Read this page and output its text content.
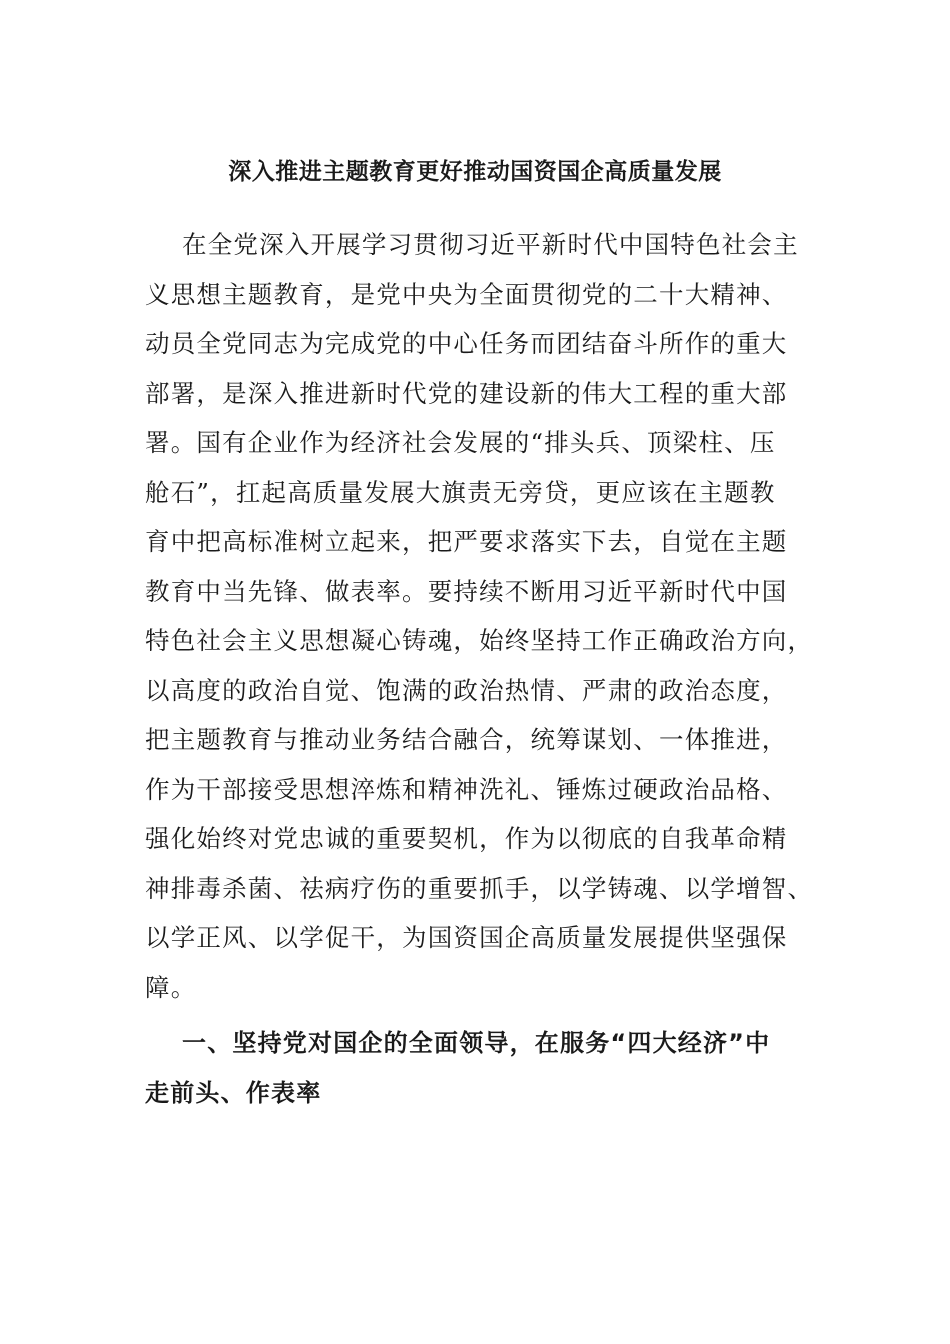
深入推进主题教育更好推动国资国企高质量发展
在全党深入开展学习贯彻习近平新时代中国特色社会主
义思想主题教育，是党中央为全面贯彻党的二十大精神、
动员全党同志为完成党的中心任务而团结奋斗所作的重大
部署，是深入推进新时代党的建设新的伟大工程的重大部
署。国有企业作为经济社会发展的“排头兵、顶梁柱、压
舱石”，扛起高质量发展大旗责无旁贷，更应该在主题教
育中把高标准树立起来，把严要求落实下去，自觉在主题
教育中当先锋、做表率。要持续不断用习近平新时代中国
特色社会主义思想凝心铸魂，始终坚持工作正确政治方向，
以高度的政治自觉、饱满的政治热情、严肃的政治态度，
把主题教育与推动业务结合融合，统筹谋划、一体推进，
作为干部接受思想淬炼和精神洗礼、锤炼过硬政治品格、
强化始终对党忠诚的重要契机，作为以彻底的自我革命精
神排毒杀菌、祛病疗伤的重要抓手，以学铸魂、以学增智、
以学正风、以学促干，为国资国企高质量发展提供坚强保
障。
一、坚持党对国企的全面领导，在服务“四大经济”中
走前头、作表率
